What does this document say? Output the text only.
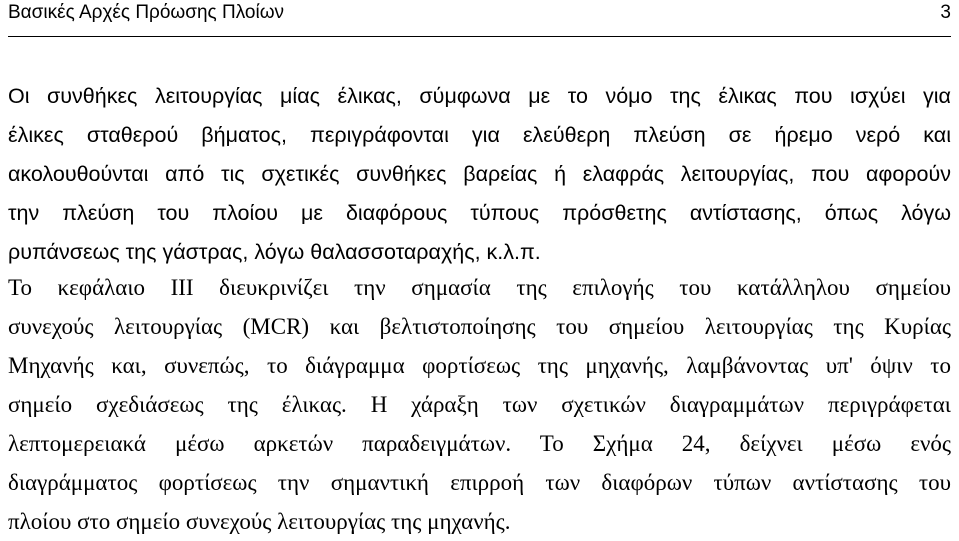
Βασικές Αρχές Πρόωσης Πλοίων	3

Οι συνθήκες λειτουργίας μίας έλικας, σύμφωνα με το νόμο της έλικας που ισχύει για
έλικες σταθερού βήματος, περιγράφονται για ελεύθερη πλεύση σε ήρεμο νερό και
ακολουθούνται από τις σχετικές συνθήκες βαρείας ή ελαφράς λειτουργίας, που αφορούν
την πλεύση του πλοίου με διαφόρους τύπους πρόσθετης αντίστασης, όπως λόγω
ρυπάνσεως της γάστρας, λόγω θαλασσοταραχής, κ.λ.π.

Το κεφάλαιο ΙΙΙ διευκρινίζει την σημασία της επιλογής του κατάλληλου σημείου
συνεχούς λειτουργίας (MCR) και βελτιστοποίησης του σημείου λειτουργίας της Κυρίας
Μηχανής και, συνεπώς, το διάγραμμα φορτίσεως της μηχανής, λαμβάνοντας υπ' όψιν το
σημείο σχεδιάσεως της έλικας. Η χάραξη των σχετικών διαγραμμάτων περιγράφεται
λεπτομερειακά μέσω αρκετών παραδειγμάτων. Το Σχήμα 24, δείχνει μέσω ενός
διαγράμματος φορτίσεως την σημαντική επιρροή των διαφόρων τύπων αντίστασης του
πλοίου στο σημείο συνεχούς λειτουργίας της μηχανής.
